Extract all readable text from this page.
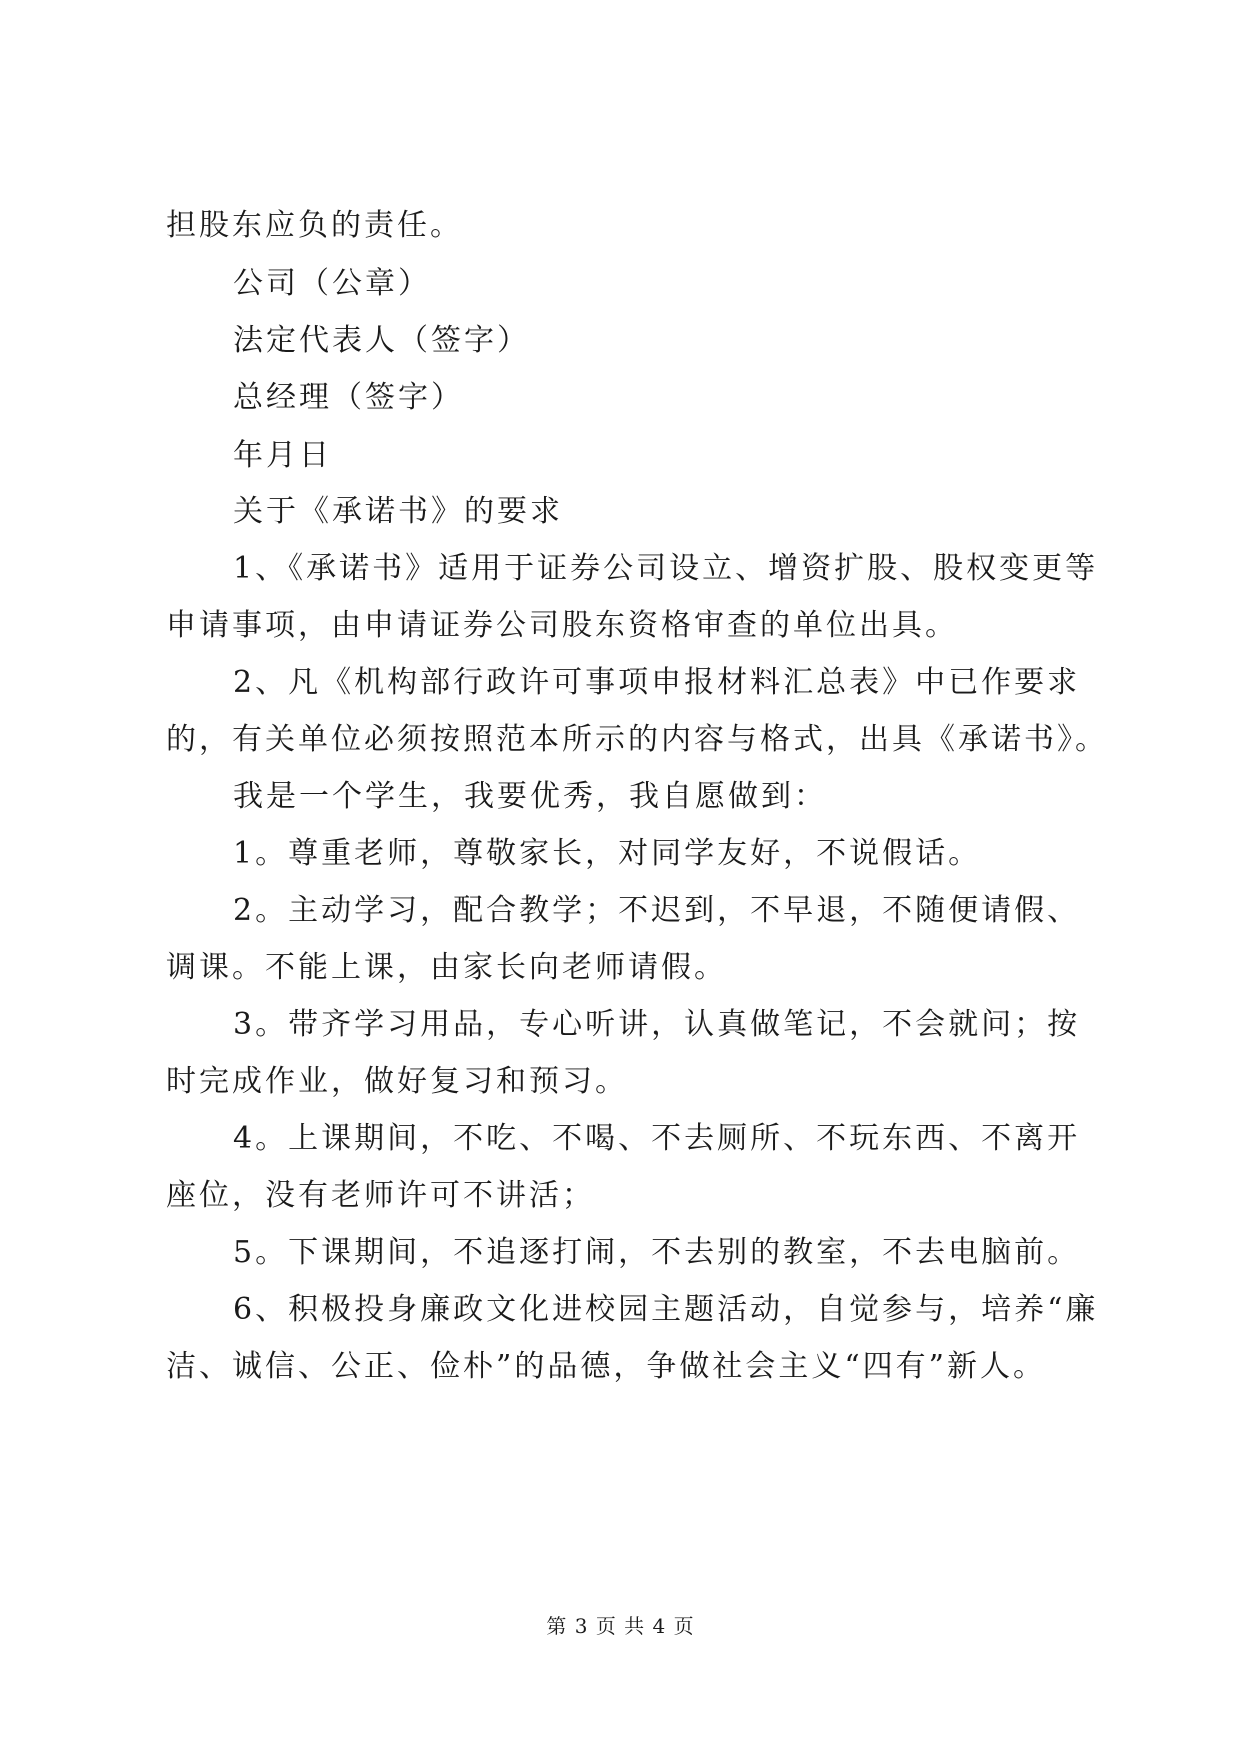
担股东应负的责任。
公司（公章）
法定代表人（签字）
总经理（签字）
年月日
关于《承诺书》的要求
1、《承诺书》适用于证券公司设立、增资扩股、股权变更等
申请事项，由申请证券公司股东资格审查的单位出具。
2、凡《机构部行政许可事项申报材料汇总表》中已作要求
的，有关单位必须按照范本所示的内容与格式，出具《承诺书》。
我是一个学生，我要优秀，我自愿做到：
1。尊重老师，尊敬家长，对同学友好，不说假话。
2。主动学习，配合教学；不迟到，不早退，不随便请假、
调课。不能上课，由家长向老师请假。
3。带齐学习用品，专心听讲，认真做笔记，不会就问；按
时完成作业，做好复习和预习。
4。上课期间，不吃、不喝、不去厕所、不玩东西、不离开
座位，没有老师许可不讲活；
5。下课期间，不追逐打闹，不去别的教室，不去电脑前。
6、积极投身廉政文化进校园主题活动，自觉参与，培养“廉
洁、诚信、公正、俭朴”的品德，争做社会主义“四有”新人。
第 3 页 共 4 页
